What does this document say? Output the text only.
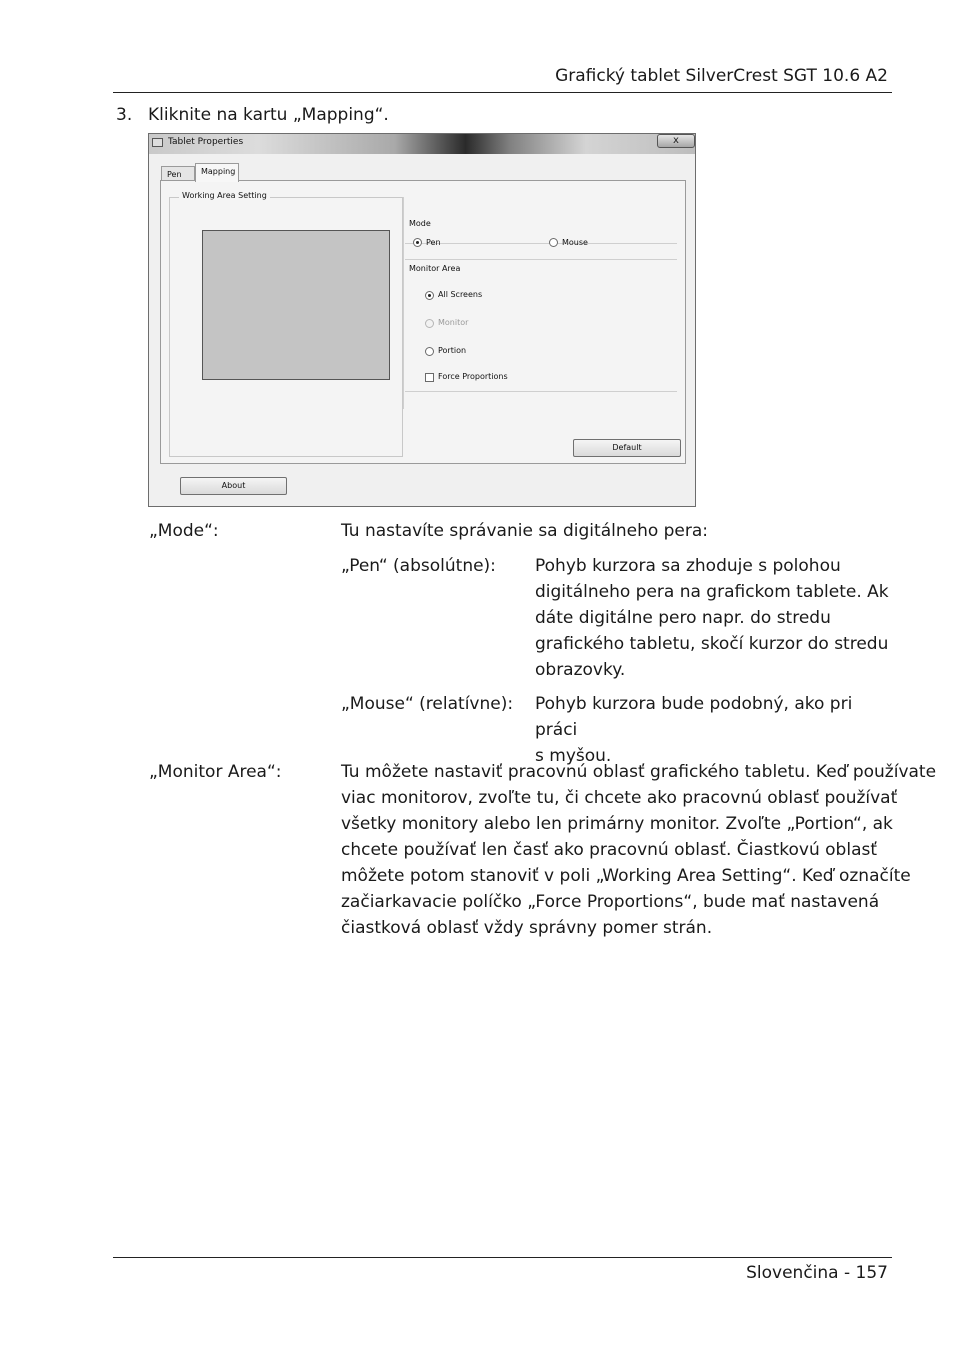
Grafický tablet SilverCrest SGT 10.6 A2
3. Kliknite na kartu „Mapping“.
Tablet Properties	x
Pen	Mapping
Working Area Setting
Mode
Pen	Mouse
Monitor Area
All Screens
Monitor
Portion
Force Proportions
Default
About
„Mode“:	Tu nastavíte správanie sa digitálneho pera:
„Pen“ (absolútne): Pohyb kurzora sa zhoduje s polohou
digitálneho pera na grafickom tablete. Ak
dáte digitálne pero napr. do stredu
grafického tabletu, skočí kurzor do stredu
obrazovky.
„Mouse“ (relatívne): Pohyb kurzora bude podobný, ako pri práci
s myšou.
„Monitor Area“:	Tu môžete nastaviť pracovnú oblasť grafického tabletu. Keď používate
viac monitorov, zvoľte tu, či chcete ako pracovnú oblasť používať
všetky monitory alebo len primárny monitor. Zvoľte „Portion“, ak
chcete používať len časť ako pracovnú oblasť. Čiastkovú oblasť
môžete potom stanoviť v poli „Working Area Setting“. Keď označíte
začiarkavacie políčko „Force Proportions“, bude mať nastavená
čiastková oblasť vždy správny pomer strán.
Slovenčina - 157
